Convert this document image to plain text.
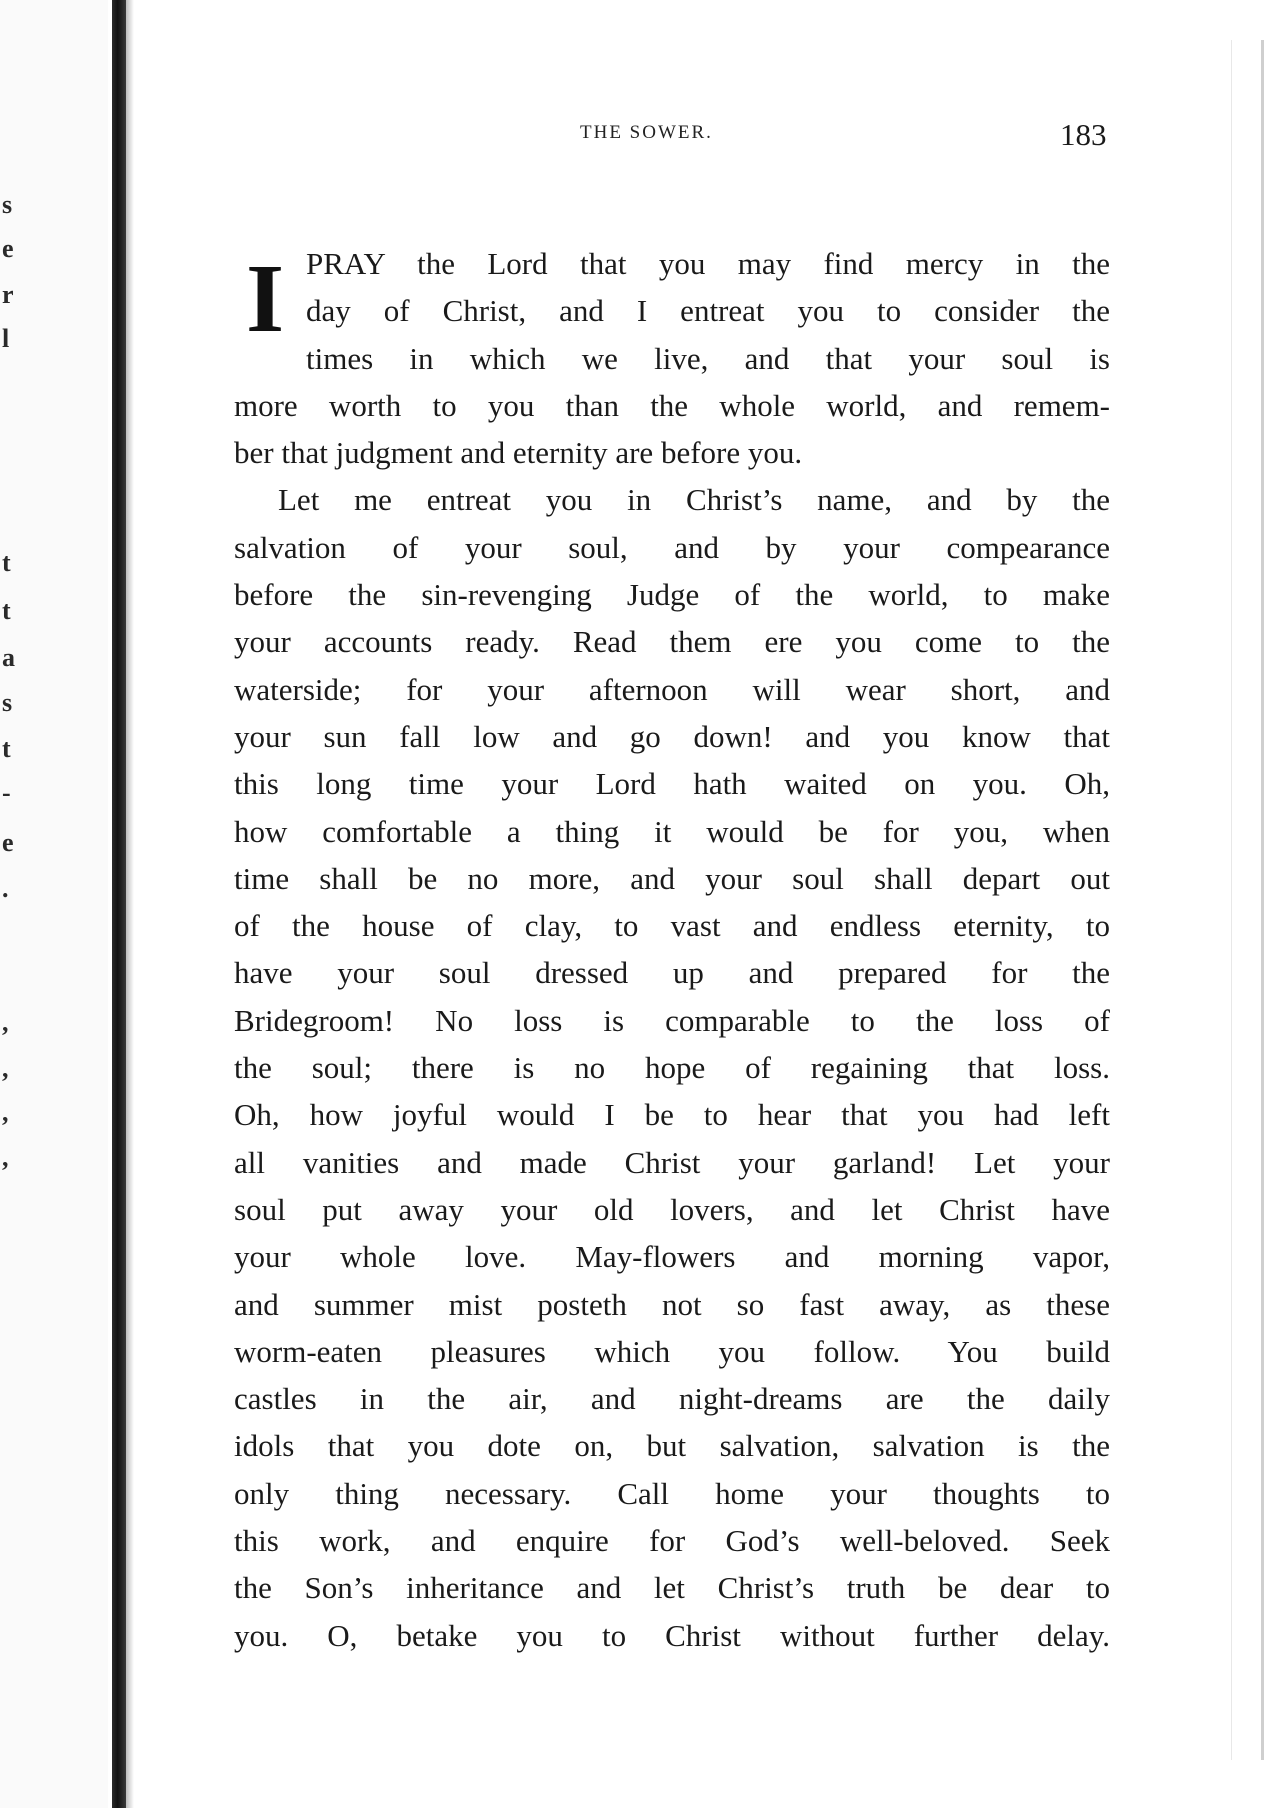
s
e
r
l
t
t
a
s
t
-
e
.
,
,
,
,
THE SOWER.	183
I PRAY the Lord that you may find mercy in the
day of Christ, and I entreat you to consider the
times in which we live, and that your soul is
more worth to you than the whole world, and remem-
ber that judgment and eternity are before you.
Let me entreat you in Christ’s name, and by the
salvation of your soul, and by your compearance
before the sin-revenging Judge of the world, to make
your accounts ready. Read them ere you come to the
waterside; for your afternoon will wear short, and
your sun fall low and go down! and you know that
this long time your Lord hath waited on you. Oh,
how comfortable a thing it would be for you, when
time shall be no more, and your soul shall depart out
of the house of clay, to vast and endless eternity, to
have your soul dressed up and prepared for the
Bridegroom! No loss is comparable to the loss of
the soul; there is no hope of regaining that loss.
Oh, how joyful would I be to hear that you had left
all vanities and made Christ your garland! Let your
soul put away your old lovers, and let Christ have
your whole love. May-flowers and morning vapor,
and summer mist posteth not so fast away, as these
worm-eaten pleasures which you follow. You build
castles in the air, and night-dreams are the daily
idols that you dote on, but salvation, salvation is the
only thing necessary. Call home your thoughts to
this work, and enquire for God’s well-beloved. Seek
the Son’s inheritance and let Christ’s truth be dear to
you. O, betake you to Christ without further delay.
